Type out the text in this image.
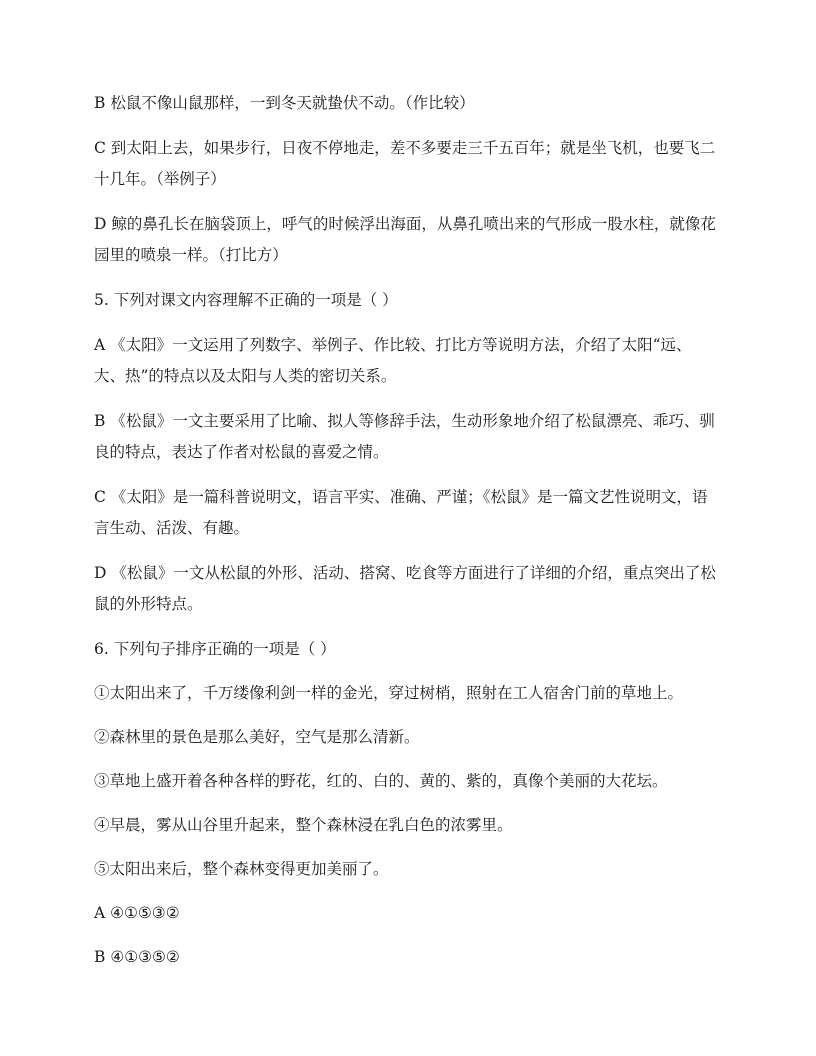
B 松鼠不像山鼠那样，一到冬天就蛰伏不动。（作比较）

C 到太阳上去，如果步行，日夜不停地走，差不多要走三千五百年；就是坐飞机，也要飞二十几年。（举例子）

D 鲸的鼻孔长在脑袋顶上，呼气的时候浮出海面，从鼻孔喷出来的气形成一股水柱，就像花园里的喷泉一样。（打比方）

5. 下列对课文内容理解不正确的一项是（ ）

A 《太阳》一文运用了列数字、举例子、作比较、打比方等说明方法，介绍了太阳“远、大、热”的特点以及太阳与人类的密切关系。

B 《松鼠》一文主要采用了比喻、拟人等修辞手法，生动形象地介绍了松鼠漂亮、乖巧、驯良的特点，表达了作者对松鼠的喜爱之情。

C 《太阳》是一篇科普说明文，语言平实、准确、严谨；《松鼠》是一篇文艺性说明文，语言生动、活泼、有趣。

D 《松鼠》一文从松鼠的外形、活动、搭窝、吃食等方面进行了详细的介绍，重点突出了松鼠的外形特点。

6. 下列句子排序正确的一项是（ ）

①太阳出来了，千万缕像利剑一样的金光，穿过树梢，照射在工人宿舍门前的草地上。

②森林里的景色是那么美好，空气是那么清新。

③草地上盛开着各种各样的野花，红的、白的、黄的、紫的，真像个美丽的大花坛。

④早晨，雾从山谷里升起来，整个森林浸在乳白色的浓雾里。

⑤太阳出来后，整个森林变得更加美丽了。

A ④①⑤③②

B ④①③⑤②
